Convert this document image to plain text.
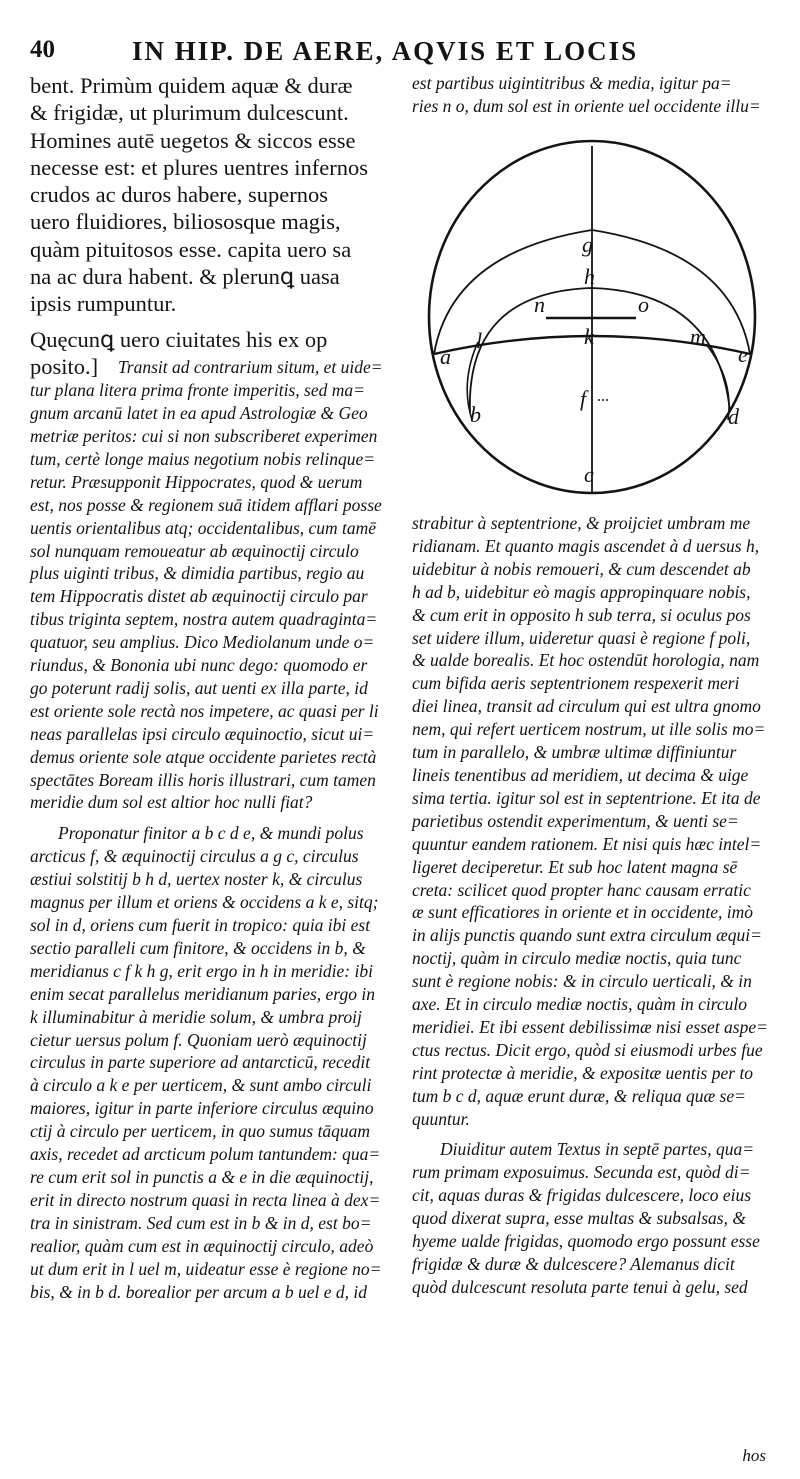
40	IN HIP. DE AERE, AQVIS ET LOCIS
bent. Primùm quidem aquæ & duræ
& frigidæ, ut plurimum dulcescunt.
Homines autē uegetos & siccos esse
necesse est: et plures uentres infernos
crudos ac duros habere, supernos
uero fluidiores, biliososque magis,
quàm pituitosos esse. capita uero sa
na ac dura habent. & plerunꝗ uasa
ipsis rumpuntur.
Quęcunꝗ uero ciuitates his ex op
posito.]	Transit ad contrarium situm, et uide=
tur plana litera prima fronte imperitis, sed ma=
gnum arcanū latet in ea apud Astrologiæ & Geo
metriæ peritos: cui si non subscriberet experimen
tum, certè longe maius negotium nobis relinque=
retur. Præsupponit Hippocrates, quod & uerum
est, nos posse & regionem suā itidem afflari posse
uentis orientalibus atq; occidentalibus, cum tamē
sol nunquam remoueatur ab æquinoctij circulo
plus uiginti tribus, & dimidia partibus, regio au
tem Hippocratis distet ab æquinoctij circulo par
tibus triginta septem, nostra autem quadraginta=
quatuor, seu amplius. Dico Mediolanum unde o=
riundus, & Bononia ubi nunc dego: quomodo er
go poterunt radij solis, aut uenti ex illa parte, id
est oriente sole rectà nos impetere, ac quasi per li
neas parallelas ipsi circulo æquinoctio, sicut ui=
demus oriente sole atque occidente parietes rectà
spectātes Boream illis horis illustrari, cum tamen
meridie dum sol est altior hoc nulli fiat?
Proponatur finitor a b c d e, & mundi polus
arcticus f, & æquinoctij circulus a g c, circulus
æstiui solstitij b h d, uertex noster k, & circulus
magnus per illum et oriens & occidens a k e, sitq;
sol in d, oriens cum fuerit in tropico: quia ibi est
sectio paralleli cum finitore, & occidens in b, &
meridianus c f k h g, erit ergo in h in meridie: ibi
enim secat parallelus meridianum paries, ergo in
k illuminabitur à meridie solum, & umbra proij
cietur uersus polum f. Quoniam uerò æquinoctij
circulus in parte superiore ad antarcticū, recedit
à circulo a k e per uerticem, & sunt ambo circuli
maiores, igitur in parte inferiore circulus æquino
ctij à circulo per uerticem, in quo sumus tāquam
axis, recedet ad arcticum polum tantundem: qua=
re cum erit sol in punctis a & e in die æquinoctij,
erit in directo nostrum quasi in recta linea à dex=
tra in sinistram. Sed cum est in b & in d, est bo=
realior, quàm cum est in æquinoctij circulo, adeò
ut dum erit in l uel m, uideatur esse è regione no=
bis, & in b d. borealior per arcum a b uel e d, id
est partibus uigintitribus & media, igitur pa=
ries n o, dum sol est in oriente uel occidente illu=
g
h
n	o
k
l	m
a	e
f
b	d
c
strabitur à septentrione, & proijciet umbram me
ridianam. Et quanto magis ascendet à d uersus h,
uidebitur à nobis remoueri, & cum descendet ab
h ad b, uidebitur eò magis appropinquare nobis,
& cum erit in opposito h sub terra, si oculus pos
set uidere illum, uideretur quasi è regione f poli,
& ualde borealis. Et hoc ostendūt horologia, nam
cum bifida aeris septentrionem respexerit meri
diei linea, transit ad circulum qui est ultra gnomo
nem, qui refert uerticem nostrum, ut ille solis mo=
tum in parallelo, & umbræ ultimæ diffiniuntur
lineis tenentibus ad meridiem, ut decima & uige
sima tertia. igitur sol est in septentrione. Et ita de
parietibus ostendit experimentum, & uenti se=
quuntur eandem rationem. Et nisi quis hæc intel=
ligeret deciperetur. Et sub hoc latent magna sē
creta: scilicet quod propter hanc causam erratic
æ sunt efficatiores in oriente et in occidente, imò
in alijs punctis quando sunt extra circulum æqui=
noctij, quàm in circulo mediæ noctis, quia tunc
sunt è regione nobis: & in circulo uerticali, & in
axe. Et in circulo mediæ noctis, quàm in circulo
meridiei. Et ibi essent debilissimæ nisi esset aspe=
ctus rectus. Dicit ergo, quòd si eiusmodi urbes fue
rint protectæ à meridie, & expositæ uentis per to
tum b c d, aquæ erunt duræ, & reliqua quæ se=
quuntur.
Diuiditur autem Textus in septē partes, qua=
rum primam exposuimus. Secunda est, quòd di=
cit, aquas duras & frigidas dulcescere, loco eius
quod dixerat supra, esse multas & subsalsas, &
hyeme ualde frigidas, quomodo ergo possunt esse
frigidæ & duræ & dulcescere? Alemanus dicit
quòd dulcescunt resoluta parte tenui à gelu, sed
hos
